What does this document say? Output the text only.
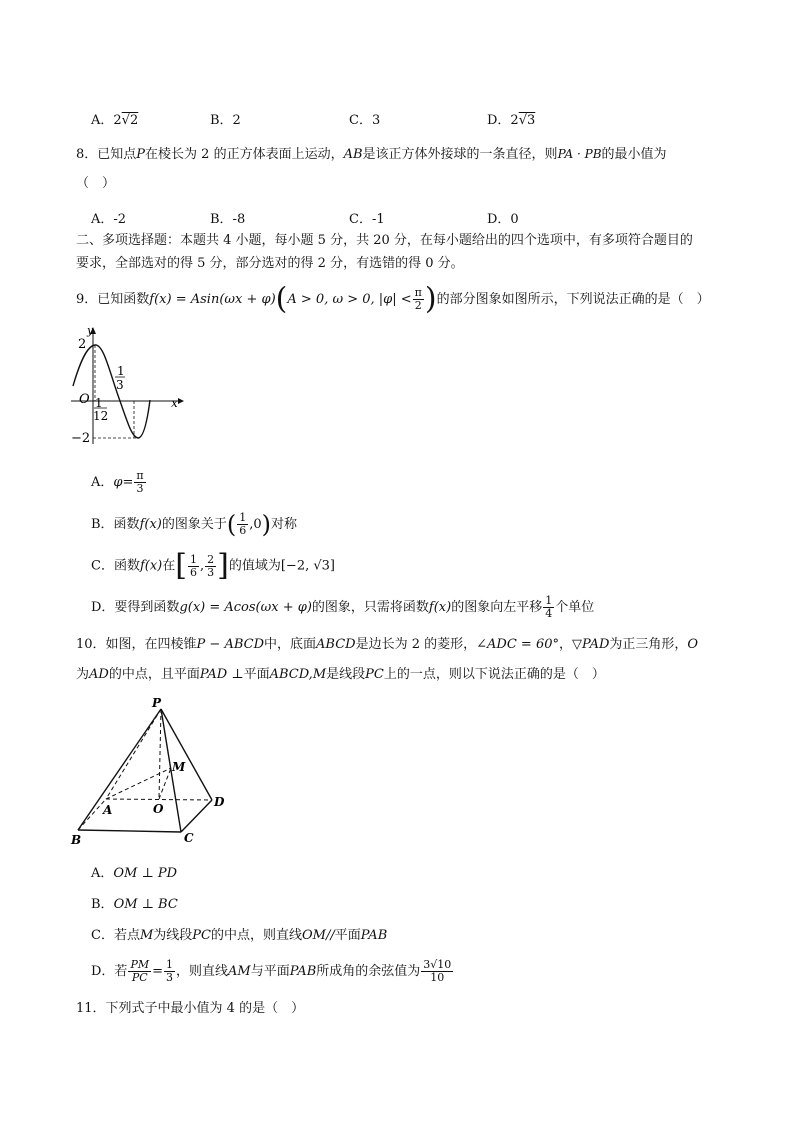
A．2√2	B．2	C．3	D．2√3
8．已知点P在棱长为 2 的正方体表面上运动，AB是该正方体外接球的一条直径，则PA · PB的最小值为
（　）
A．-2	B．-8	C．-1	D．0
二、多项选择题：本题共 4 小题，每小题 5 分，共 20 分，在每小题给出的四个选项中，有多项符合题目的
要求，全部选对的得 5 分，部分选对的得 2 分，有选错的得 0 分。
9．已知函数f(x) = Asin(ωx + φ)(A > 0, ω > 0, $|\varphi| < \frac{\pi}{2}$ )的部分图象如图所示，下列说法正确的是（　）
y
x
O
2
−2
1
12
1
3
A．$\varphi= \frac{\pi}{3}$
B．函数f(x)的图象关于( $\frac{1}{6} ,0$)对称
C．函数f(x)在[ $\frac{1}{6}$ , $\frac{2}{3}$ ]的值域为[−2, √3]
D．要得到函数g(x) = Acos(ωx + φ)的图象，只需将函数f(x)的图象向左平移 $\frac{1}{4}$ 个单位
10．如图，在四棱锥P − ABCD中，底面ABCD是边长为 2 的菱形，∠ADC = 60°，▽PAD为正三角形，O
为AD的中点，且平面PAD ⊥平面ABCD,M是线段PC上的一点，则以下说法正确的是（　）
P
M
A	O	D
B	C
A．OM ⊥ PD
B．OM ⊥ BC
C．若点M为线段PC的中点，则直线OM//平面PAB
D．若 $\frac{PM}{PC} = \frac{1}{3}$ ，则直线AM与平面PAB所成角的余弦值为 $\frac{3√10}{10}$
11．下列式子中最小值为 4 的是（　）
